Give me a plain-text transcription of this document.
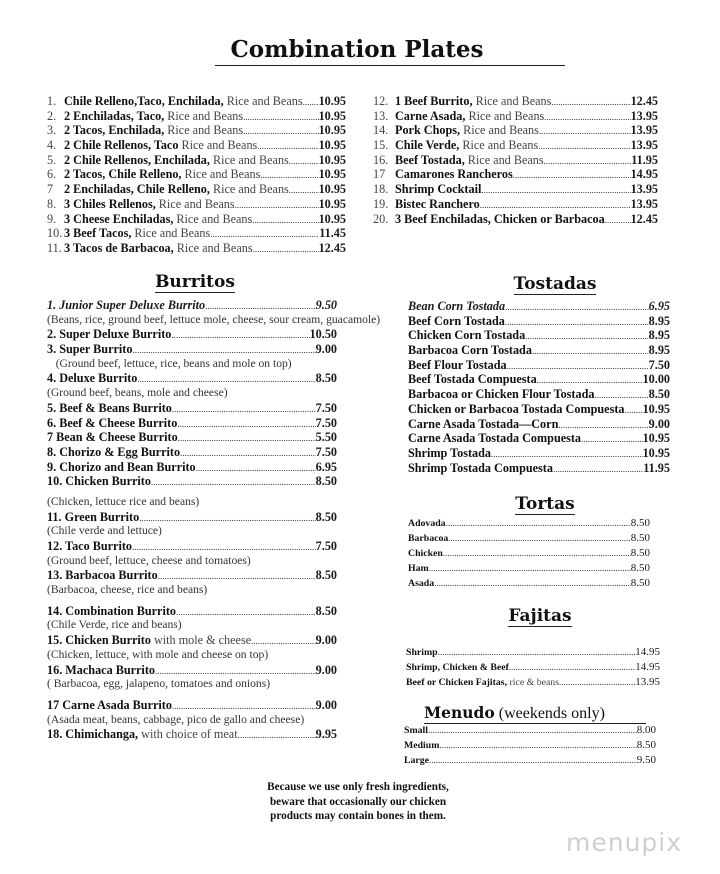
Combination Plates
1. Chile Relleno,Taco, Enchilada, Rice and Beans ..... 10.95
2. 2 Enchiladas, Taco, Rice and Beans .....	10.95
3. 2 Tacos, Enchilada, Rice and Beans .....	10.95
4. 2 Chile Rellenos, Taco Rice and Beans .....	10.95
5. 2 Chile Rellenos, Enchilada, Rice and Beans ..... 10.95
6. 2 Tacos, Chile Relleno, Rice and Beans .....	10.95
7 2 Enchiladas, Chile Relleno, Rice and Beans ..... 10.95
8. 3 Chiles Rellenos, Rice and Beans .....	10.95
9. 3 Cheese Enchiladas, Rice and Beans .....	10.95
10. 3 Beef Tacos, Rice and Beans .....	11.45
11. 3 Tacos de Barbacoa, Rice and Beans .....	12.45
12. 1 Beef Burrito, Rice and Beans .....	12.45
13. Carne Asada, Rice and Beans .....	13.95
14. Pork Chops, Rice and Beans .....	13.95
15. Chile Verde, Rice and Beans .....	13.95
16. Beef Tostada, Rice and Beans .....	11.95
17 Camarones Rancheros .....	14.95
18. Shrimp Cocktail .....	13.95
19. Bistec Ranchero .....	13.95
20. 3 Beef Enchiladas, Chicken or Barbacoa ..... 12.45
Burritos
1. Junior Super Deluxe Burrito .....	9.50
(Beans, rice, ground beef, lettuce mole, cheese, sour cream, guacamole)
2. Super Deluxe Burrito .....	10.50
3. Super Burrito .....	9.00
(Ground beef, lettuce, rice, beans and mole on top)
4. Deluxe Burrito .....	8.50
(Ground beef, beans, mole and cheese)
5. Beef & Beans Burrito .....	7.50
6. Beef & Cheese Burrito .....	7.50
7 Bean & Cheese Burrito .....	5.50
8. Chorizo & Egg Burrito .....	7.50
9. Chorizo and Bean Burrito .....	6.95
10. Chicken Burrito .....	8.50
(Chicken, lettuce rice and beans)
11. Green Burrito .....	8.50
(Chile verde and lettuce)
12. Taco Burrito .....	7.50
(Ground beef, lettuce, cheese and tomatoes)
13. Barbacoa Burrito .....	8.50
(Barbacoa, cheese, rice and beans)
14. Combination Burrito .....	8.50
(Chile Verde, rice and beans)
15. Chicken Burrito with mole & cheese .....	9.00
(Chicken, lettuce, with mole and cheese on top)
16. Machaca Burrito .....	9.00
( Barbacoa, egg, jalapeno, tomatoes and onions)
17 Carne Asada Burrito .....	9.00
(Asada meat, beans, cabbage, pico de gallo and cheese)
18. Chimichanga, with choice of meat .....	9.95
Tostadas
Bean Corn Tostada .....	6.95
Beef Corn Tostada .....	8.95
Chicken Corn Tostada .....	8.95
Barbacoa Corn Tostada .....	8.95
Beef Flour Tostada .....	7.50
Beef Tostada Compuesta .....	10.00
Barbacoa or Chicken Flour Tostada .....	8.50
Chicken or Barbacoa Tostada Compuesta ..... 10.95
Carne Asada Tostada—Corn .....	9.00
Carne Asada Tostada Compuesta .....	10.95
Shrimp Tostada .....	10.95
Shrimp Tostada Compuesta .....	11.95
Tortas
Adovada .....	8.50
Barbacoa .....	8.50
Chicken .....	8.50
Ham .....	8.50
Asada .....	8.50
Fajitas
Shrimp .....	14.95
Shrimp, Chicken & Beef .....	14.95
Beef or Chicken Fajitas, rice & beans .....	13.95
Menudo (weekends only)
Small .....	8.00
Medium .....	8.50
Large .....	9.50
Because we use only fresh ingredients,
beware that occasionally our chicken
products may contain bones in them.
menupix
